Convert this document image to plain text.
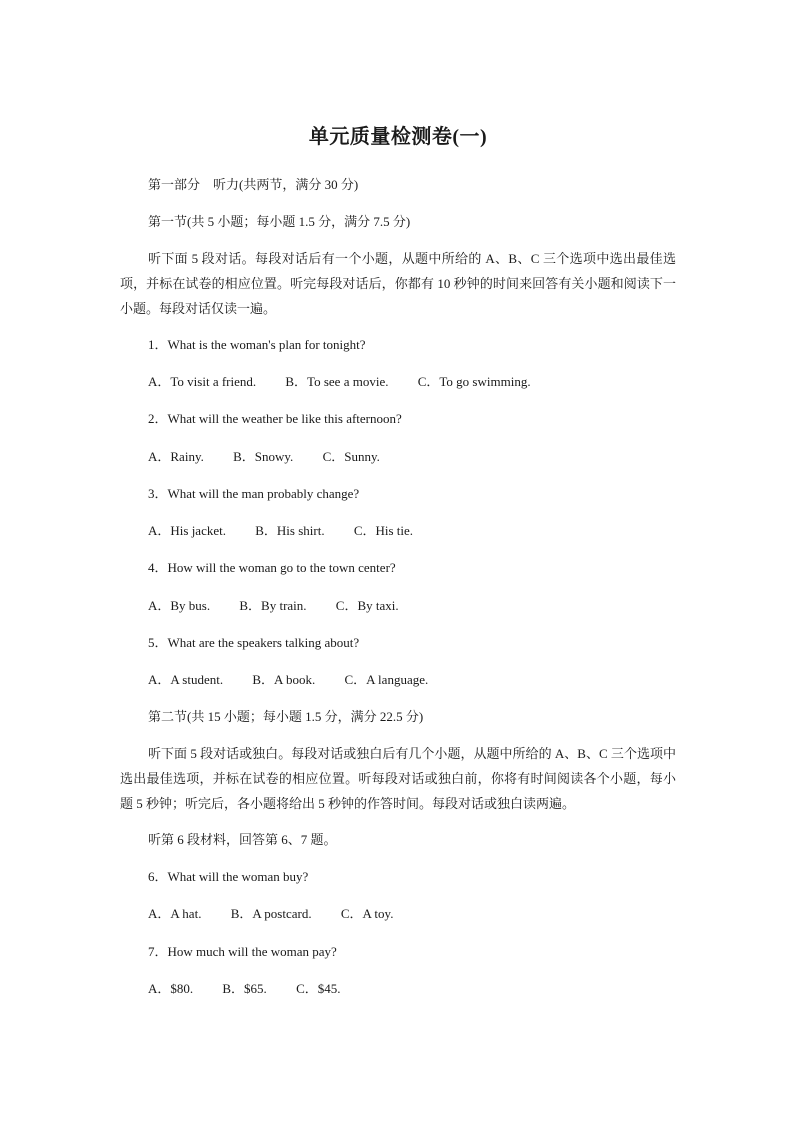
单元质量检测卷(一)
第一部分　听力(共两节，满分 30 分)
第一节(共 5 小题；每小题 1.5 分，满分 7.5 分)
听下面 5 段对话。每段对话后有一个小题，从题中所给的 A、B、C 三个选项中选出最佳选项，并标在试卷的相应位置。听完每段对话后，你都有 10 秒钟的时间来回答有关小题和阅读下一小题。每段对话仅读一遍。
1．What is the woman's plan for tonight?
A．To visit a friend. B．To see a movie. C．To go swimming.
2．What will the weather be like this afternoon?
A．Rainy. B．Snowy. C．Sunny.
3．What will the man probably change?
A．His jacket. B．His shirt. C．His tie.
4．How will the woman go to the town center?
A．By bus. B．By train. C．By taxi.
5．What are the speakers talking about?
A．A student. B．A book. C．A language.
第二节(共 15 小题；每小题 1.5 分，满分 22.5 分)
听下面 5 段对话或独白。每段对话或独白后有几个小题，从题中所给的 A、B、C 三个选项中选出最佳选项，并标在试卷的相应位置。听每段对话或独白前，你将有时间阅读各个小题，每小题 5 秒钟；听完后，各小题将给出 5 秒钟的作答时间。每段对话或独白读两遍。
听第 6 段材料，回答第 6、7 题。
6．What will the woman buy?
A．A hat. B．A postcard. C．A toy.
7．How much will the woman pay?
A．$80. B．$65. C．$45.
